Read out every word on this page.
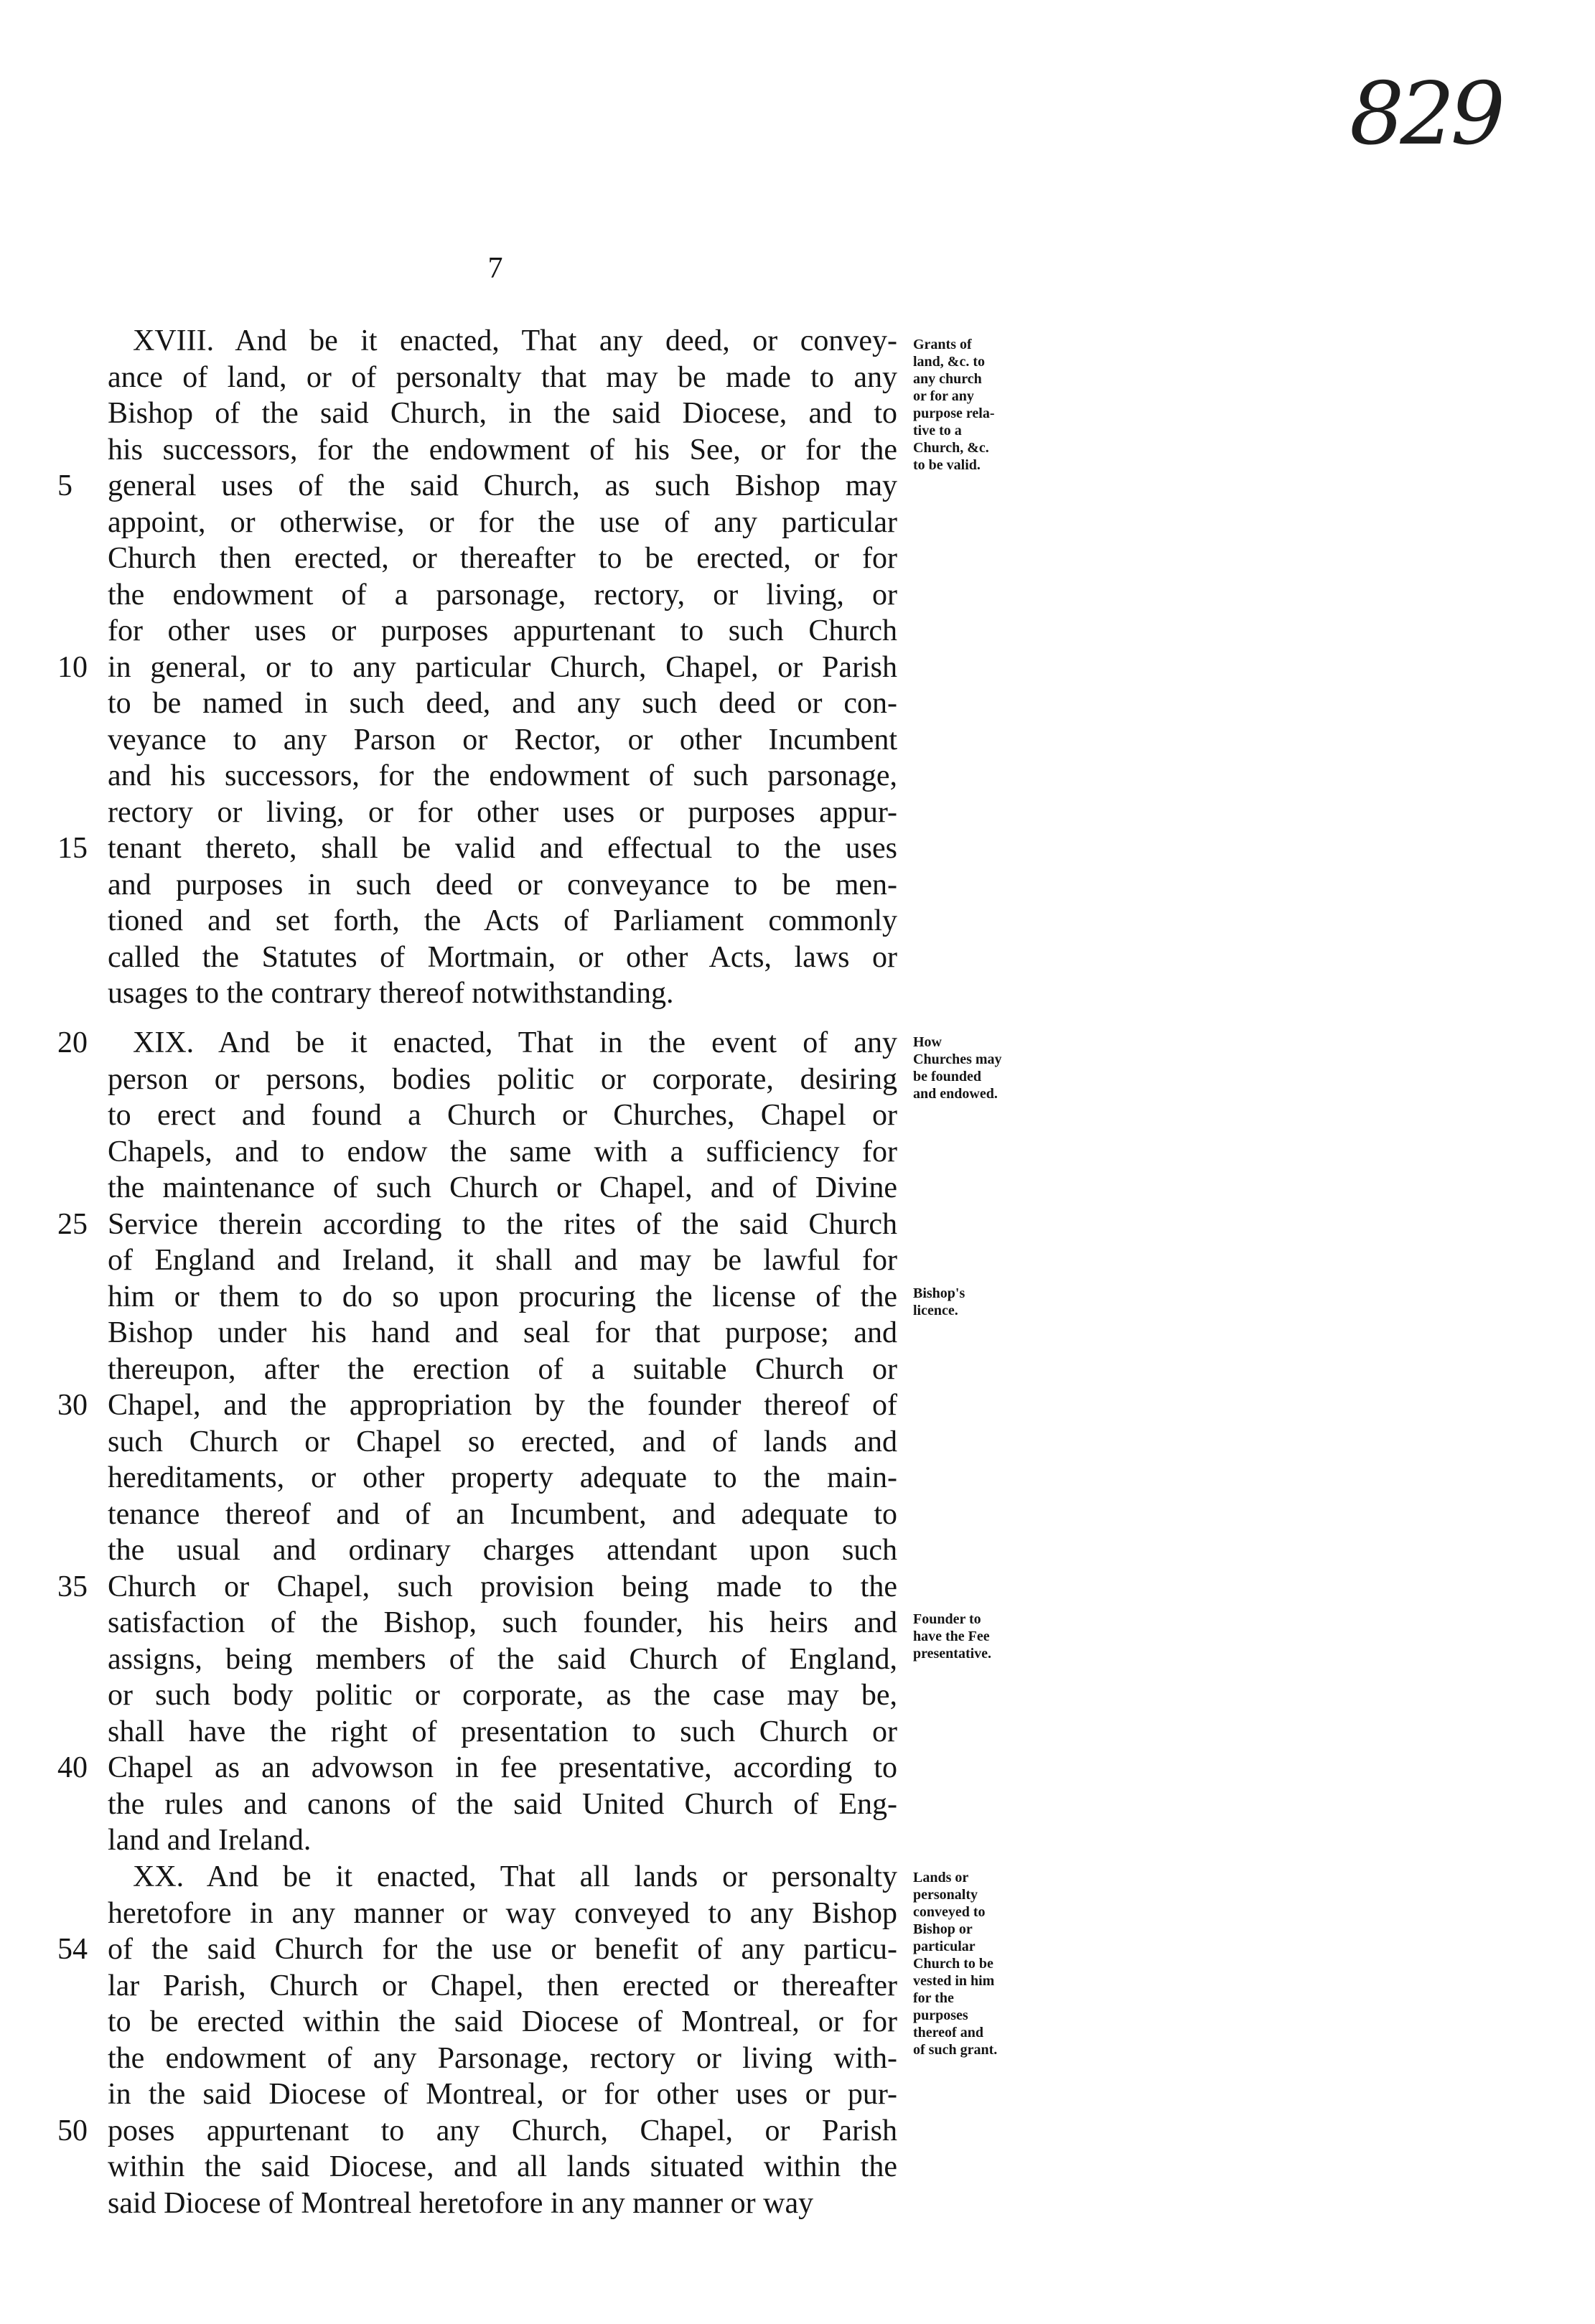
829
7
XVIII. And be it enacted, That any deed, or convey-
ance of land, or of personalty that may be made to any
Bishop of the said Church, in the said Diocese, and to
his successors, for the endowment of his See, or for the
5	general uses of the said Church, as such Bishop may
appoint, or otherwise, or for the use of any particular
Church then erected, or thereafter to be erected, or for
the endowment of a parsonage, rectory, or living, or
for other uses or purposes appurtenant to such Church
10 in general, or to any particular Church, Chapel, or Parish
to be named in such deed, and any such deed or con-
veyance to any Parson or Rector, or other Incumbent
and his successors, for the endowment of such parsonage,
rectory or living, or for other uses or purposes appur-
15 tenant thereto, shall be valid and effectual to the uses
and purposes in such deed or conveyance to be men-
tioned and set forth, the Acts of Parliament commonly
called the Statutes of Mortmain, or other Acts, laws or
usages to the contrary thereof notwithstanding.
Grants of
land, &c. to
any church
or for any
purpose rela-
tive to a
Church, &c.
to be valid.
20	XIX. And be it enacted, That in the event of any
person or persons, bodies politic or corporate, desiring
to erect and found a Church or Churches, Chapel or
Chapels, and to endow the same with a sufficiency for
the maintenance of such Church or Chapel, and of Divine
25 Service therein according to the rites of the said Church
of England and Ireland, it shall and may be lawful for
him or them to do so upon procuring the license of the
Bishop under his hand and seal for that purpose; and
thereupon, after the erection of a suitable Church or
30 Chapel, and the appropriation by the founder thereof of
such Church or Chapel so erected, and of lands and
hereditaments, or other property adequate to the main-
tenance thereof and of an Incumbent, and adequate to
the usual and ordinary charges attendant upon such
35 Church or Chapel, such provision being made to the
satisfaction of the Bishop, such founder, his heirs and
assigns, being members of the said Church of England,
or such body politic or corporate, as the case may be,
shall have the right of presentation to such Church or
40 Chapel as an advowson in fee presentative, according to
the rules and canons of the said United Church of Eng-
land and Ireland.
How
Churches may
be founded
and endowed.
Bishop's
licence.
Founder to
have the Fee
presentative.
XX. And be it enacted, That all lands or personalty
heretofore in any manner or way conveyed to any Bishop
54 of the said Church for the use or benefit of any particu-
lar Parish, Church or Chapel, then erected or thereafter
to be erected within the said Diocese of Montreal, or for
the endowment of any Parsonage, rectory or living with-
in the said Diocese of Montreal, or for other uses or pur-
50 poses appurtenant to any Church, Chapel, or Parish
within the said Diocese, and all lands situated within the
said Diocese of Montreal heretofore in any manner or way
Lands or
personalty
conveyed to
Bishop or
particular
Church to be
vested in him
for the
purposes
thereof and
of such grant.
